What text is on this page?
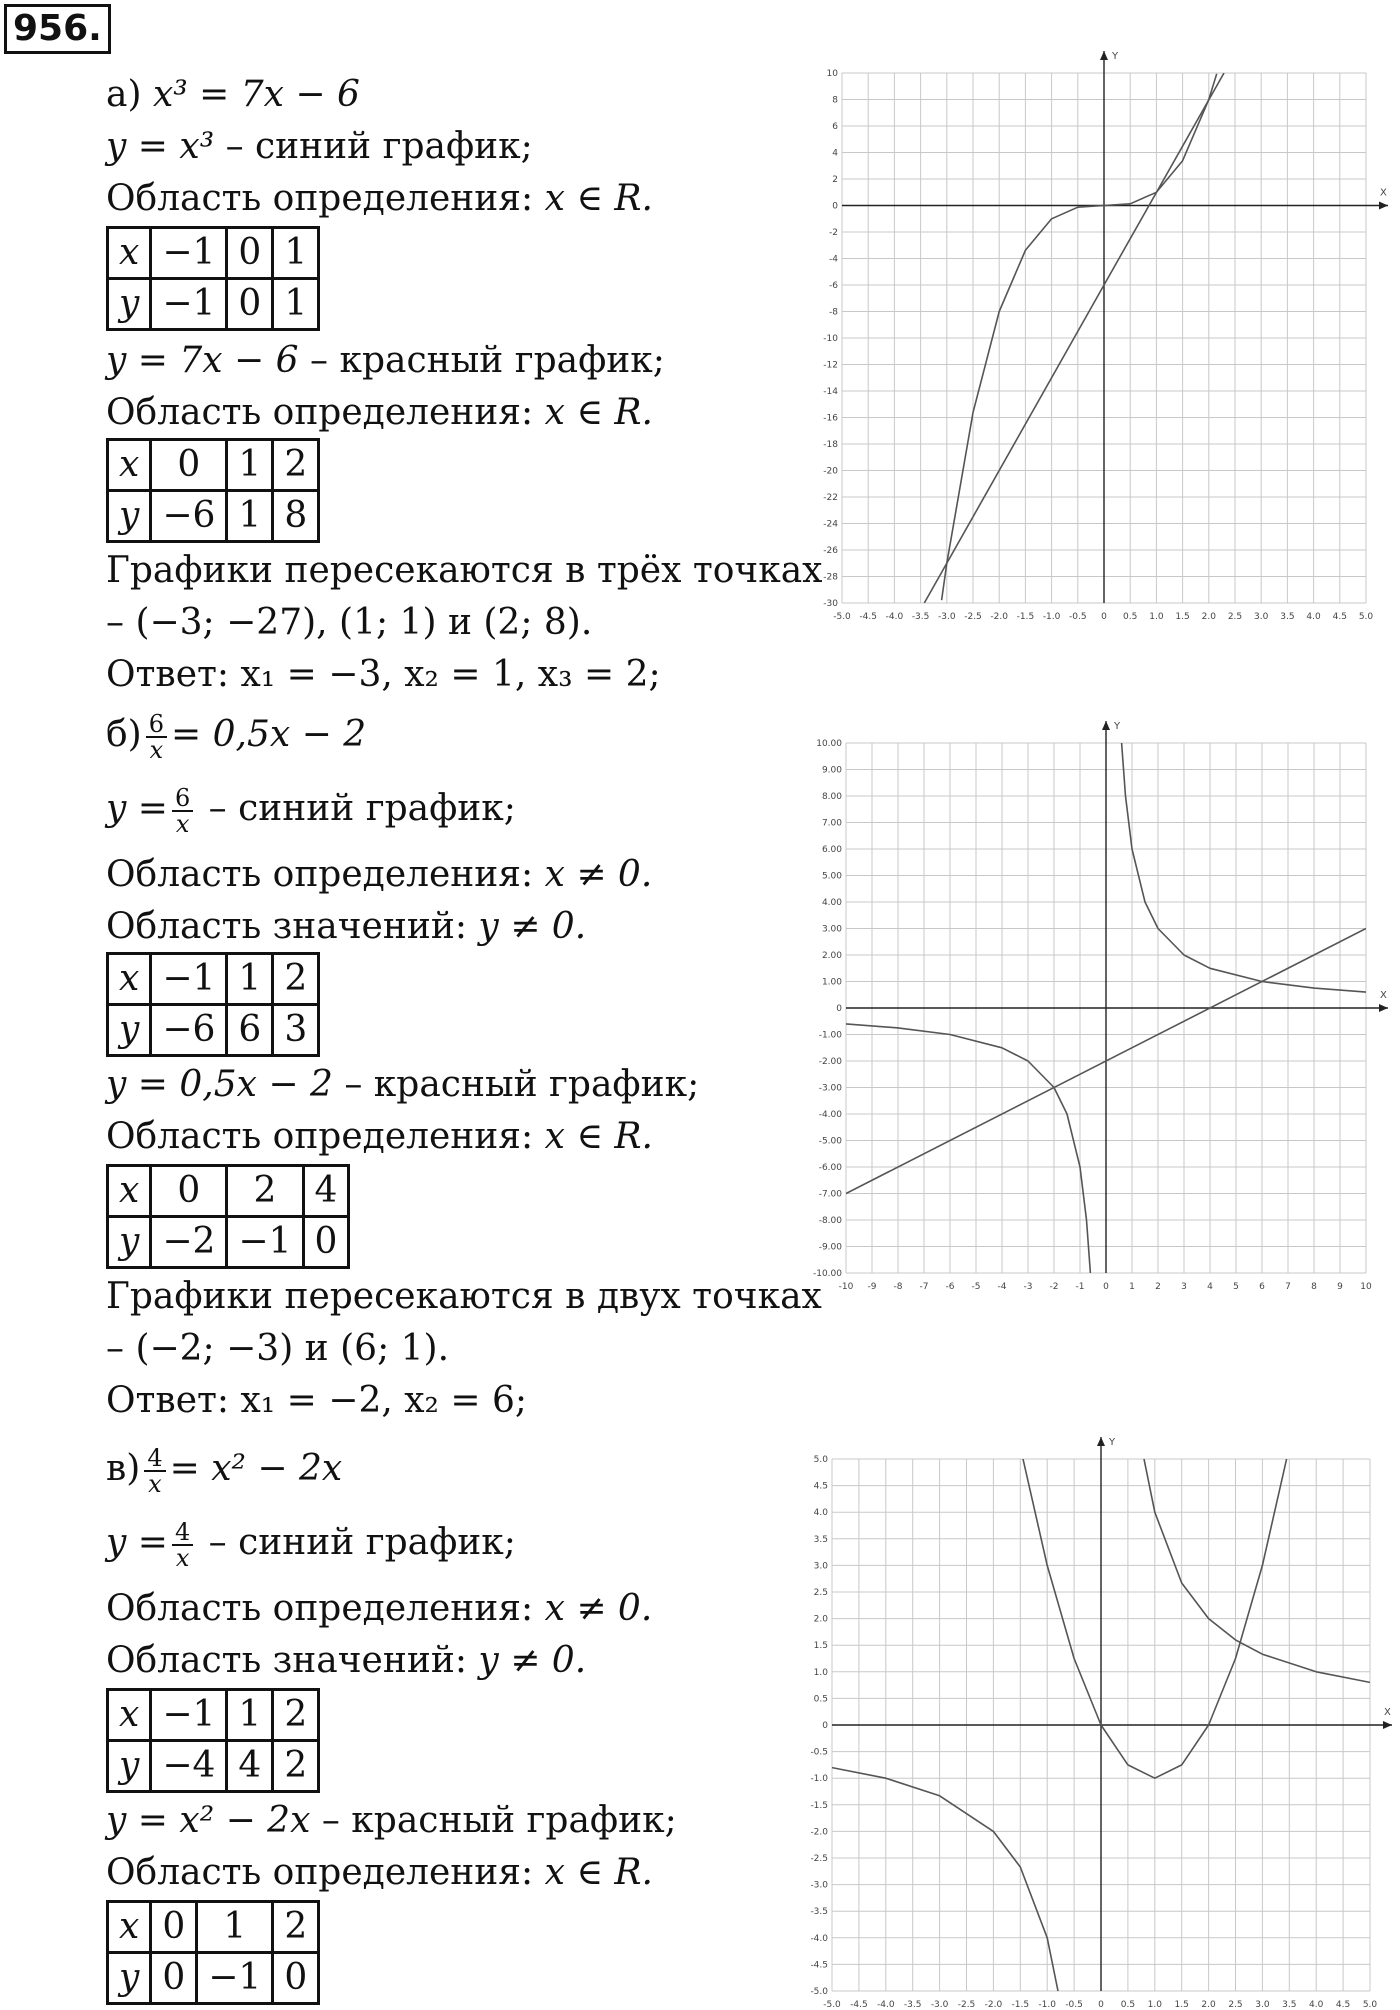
956.
а) x³ = 7x − 6
y = x³ – синий график;
Область определения: x ∈ R.
x	−1	0	1
y	−1	0	1
y = 7x − 6 – красный график;
Область определения: x ∈ R.
x	0	1	2
y	−6	1	8
Графики пересекаются в трёх точках
– (−3; −27), (1; 1) и (2; 8).
Ответ: x₁ = −3, x₂ = 1, x₃ = 2;
$б) \frac{6}{x} = 0,5x - 2$
$y = \frac{6}{x}$ – синий график;
Область определения: x ≠ 0.
Область значений: y ≠ 0.
x	−1	1	2
y	−6	6	3
y = 0,5x − 2 – красный график;
Область определения: x ∈ R.
x	0	2	4
y	−2	−1	0
Графики пересекаются в двух точках
– (−2; −3) и (6; 1).
Ответ: x₁ = −2, x₂ = 6;
$в) \frac{4}{x} = x^2 - 2x$
$y = \frac{4}{x}$ – синий график;
Область определения: x ≠ 0.
Область значений: y ≠ 0.
x	−1	1	2
y	−4	4	2
y = x² − 2x – красный график;
Область определения: x ∈ R.
x	0	1	2
y	0	−1	0
-5.0 -4.5 -4.0 -3.5 -3.0 -2.5 -2.0 -1.5 -1.0 -0.5 0 0.5 1.0 1.5 2.0 2.5 3.0 3.5 4.0 4.5 5.0
10
8
6
4
2
0
-2
-4
-6
-8
-10
-12
-14
-16
-18
-20
-22
-24
-26
-28
-30
X
Y
-10 -9 -8 -7 -6 -5 -4 -3 -2 -1 0 1 2 3 4 5 6 7 8 9 10
10.00
9.00
8.00
7.00
6.00
5.00
4.00
3.00
2.00
1.00
0
-1.00
-2.00
-3.00
-4.00
-5.00
-6.00
-7.00
-8.00
-9.00
-10.00
X
Y
-5.0 -4.5 -4.0 -3.5 -3.0 -2.5 -2.0 -1.5 -1.0 -0.5 0 0.5 1.0 1.5 2.0 2.5 3.0 3.5 4.0 4.5 5.0
5.0
4.5
4.0
3.5
3.0
2.5
2.0
1.5
1.0
0.5
0
-0.5
-1.0
-1.5
-2.0
-2.5
-3.0
-3.5
-4.0
-4.5
-5.0
X
Y
